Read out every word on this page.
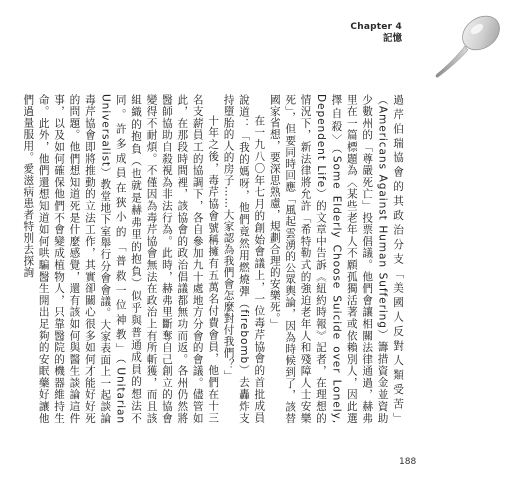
Chapter 4
記憶

過芹伯瑞協會的其政治分支「美國人反對人類受苦」（Americans Against Human Suffering）籌措資金並資助少數州的「尊嚴死亡」投票倡議。他們會讓相關法律通過，赫弗里在一篇標題為〈某些老年人不願孤獨活著或依賴別人，因此選擇自殺〉（Some Elderly Choose Suicide over Lonely, Dependent Life）的文章中告訴《紐約時報》記者，在理想的情況下，新法律將允許「希特勒式的強迫老年人和殘障人士安樂死」，但要同時回應「風起雲湧的公眾輿論，因為時候到了，該替國家省想，要深思熟慮，規劃合理的安樂死。」

在一九八〇年七月的創始會議上，一位毒芹協會的首批成員說道：「我的媽呀，他們竟然用燃燒彈（firebomb）去轟炸支持墮胎的人的房子……大家認為我們會怎麼對付我們？」

十年之後，毒芹協會號稱擁有五萬名付費會員，他們在十三名支薪員工的協調下，各自參加九十處地方分會的會議。儘管如此，在那段時間裡，該協會的政治倡議都無功而返。各州仍然將醫師協助自殺視為非法行為。此時，赫弗里斷奪自己創立的協會變得不耐煩。不僅因為毒芹協會無法在政治上有所斬獲，而且該組織的抱負（也就是赫弗里的抱負）似乎與普通成員的想法不同。許多成員在狹小的「普救一位神教」（Unitarian Universalist）教堂地下室舉行分會會議。大家表面上一起談論毒芹協會即將推動的立法工作，其實卻關心很多如何才能好好死的問題。他們想知道死是什麼感覺，還有該如何與醫生談論這件事，以及如何確保他們不會變成植物人，只靠醫院的機器維持生命。此外，他們還想知道如何哄騙醫生開出足夠的安眠藥好讓他們過量服用。愛滋病患者特別去探詢

188
